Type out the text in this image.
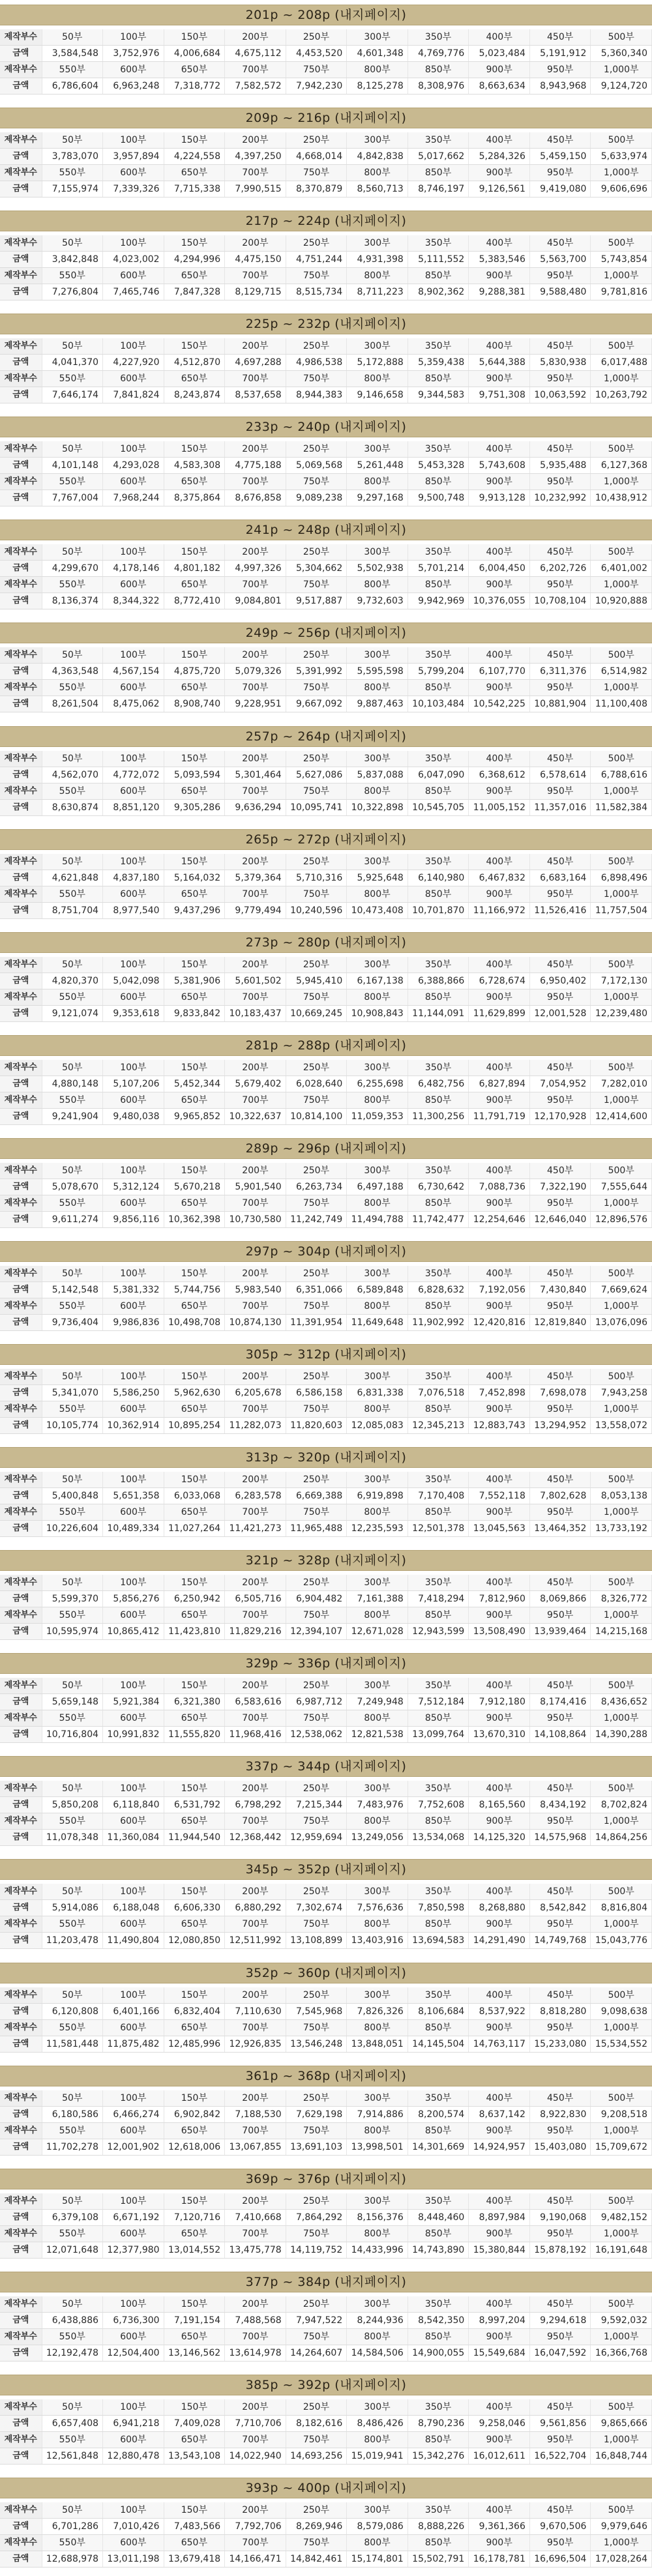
201p ~ 208p (내지페이지)
제작부수	50부	100부	150부	200부	250부	300부	350부	400부	450부	500부
금액	3,584,548	3,752,976	4,006,684	4,675,112	4,453,520	4,601,348	4,769,776	5,023,484	5,191,912	5,360,340
제작부수	550부	600부	650부	700부	750부	800부	850부	900부	950부	1,000부
금액	6,786,604	6,963,248	7,318,772	7,582,572	7,942,230	8,125,278	8,308,976	8,663,634	8,943,968	9,124,720
209p ~ 216p (내지페이지)
제작부수	50부	100부	150부	200부	250부	300부	350부	400부	450부	500부
금액	3,783,070	3,957,894	4,224,558	4,397,250	4,668,014	4,842,838	5,017,662	5,284,326	5,459,150	5,633,974
제작부수	550부	600부	650부	700부	750부	800부	850부	900부	950부	1,000부
금액	7,155,974	7,339,326	7,715,338	7,990,515	8,370,879	8,560,713	8,746,197	9,126,561	9,419,080	9,606,696
217p ~ 224p (내지페이지)
제작부수	50부	100부	150부	200부	250부	300부	350부	400부	450부	500부
금액	3,842,848	4,023,002	4,294,996	4,475,150	4,751,244	4,931,398	5,111,552	5,383,546	5,563,700	5,743,854
제작부수	550부	600부	650부	700부	750부	800부	850부	900부	950부	1,000부
금액	7,276,804	7,465,746	7,847,328	8,129,715	8,515,734	8,711,223	8,902,362	9,288,381	9,588,480	9,781,816
225p ~ 232p (내지페이지)
제작부수	50부	100부	150부	200부	250부	300부	350부	400부	450부	500부
금액	4,041,370	4,227,920	4,512,870	4,697,288	4,986,538	5,172,888	5,359,438	5,644,388	5,830,938	6,017,488
제작부수	550부	600부	650부	700부	750부	800부	850부	900부	950부	1,000부
금액	7,646,174	7,841,824	8,243,874	8,537,658	8,944,383	9,146,658	9,344,583	9,751,308	10,063,592	10,263,792
233p ~ 240p (내지페이지)
제작부수	50부	100부	150부	200부	250부	300부	350부	400부	450부	500부
금액	4,101,148	4,293,028	4,583,308	4,775,188	5,069,568	5,261,448	5,453,328	5,743,608	5,935,488	6,127,368
제작부수	550부	600부	650부	700부	750부	800부	850부	900부	950부	1,000부
금액	7,767,004	7,968,244	8,375,864	8,676,858	9,089,238	9,297,168	9,500,748	9,913,128	10,232,992	10,438,912
241p ~ 248p (내지페이지)
제작부수	50부	100부	150부	200부	250부	300부	350부	400부	450부	500부
금액	4,299,670	4,178,146	4,801,182	4,997,326	5,304,662	5,502,938	5,701,214	6,004,450	6,202,726	6,401,002
제작부수	550부	600부	650부	700부	750부	800부	850부	900부	950부	1,000부
금액	8,136,374	8,344,322	8,772,410	9,084,801	9,517,887	9,732,603	9,942,969	10,376,055	10,708,104	10,920,888
249p ~ 256p (내지페이지)
제작부수	50부	100부	150부	200부	250부	300부	350부	400부	450부	500부
금액	4,363,548	4,567,154	4,875,720	5,079,326	5,391,992	5,595,598	5,799,204	6,107,770	6,311,376	6,514,982
제작부수	550부	600부	650부	700부	750부	800부	850부	900부	950부	1,000부
금액	8,261,504	8,475,062	8,908,740	9,228,951	9,667,092	9,887,463	10,103,484	10,542,225	10,881,904	11,100,408
257p ~ 264p (내지페이지)
제작부수	50부	100부	150부	200부	250부	300부	350부	400부	450부	500부
금액	4,562,070	4,772,072	5,093,594	5,301,464	5,627,086	5,837,088	6,047,090	6,368,612	6,578,614	6,788,616
제작부수	550부	600부	650부	700부	750부	800부	850부	900부	950부	1,000부
금액	8,630,874	8,851,120	9,305,286	9,636,294	10,095,741	10,322,898	10,545,705	11,005,152	11,357,016	11,582,384
265p ~ 272p (내지페이지)
제작부수	50부	100부	150부	200부	250부	300부	350부	400부	450부	500부
금액	4,621,848	4,837,180	5,164,032	5,379,364	5,710,316	5,925,648	6,140,980	6,467,832	6,683,164	6,898,496
제작부수	550부	600부	650부	700부	750부	800부	850부	900부	950부	1,000부
금액	8,751,704	8,977,540	9,437,296	9,779,494	10,240,596	10,473,408	10,701,870	11,166,972	11,526,416	11,757,504
273p ~ 280p (내지페이지)
제작부수	50부	100부	150부	200부	250부	300부	350부	400부	450부	500부
금액	4,820,370	5,042,098	5,381,906	5,601,502	5,945,410	6,167,138	6,388,866	6,728,674	6,950,402	7,172,130
제작부수	550부	600부	650부	700부	750부	800부	850부	900부	950부	1,000부
금액	9,121,074	9,353,618	9,833,842	10,183,437	10,669,245	10,908,843	11,144,091	11,629,899	12,001,528	12,239,480
281p ~ 288p (내지페이지)
제작부수	50부	100부	150부	200부	250부	300부	350부	400부	450부	500부
금액	4,880,148	5,107,206	5,452,344	5,679,402	6,028,640	6,255,698	6,482,756	6,827,894	7,054,952	7,282,010
제작부수	550부	600부	650부	700부	750부	800부	850부	900부	950부	1,000부
금액	9,241,904	9,480,038	9,965,852	10,322,637	10,814,100	11,059,353	11,300,256	11,791,719	12,170,928	12,414,600
289p ~ 296p (내지페이지)
제작부수	50부	100부	150부	200부	250부	300부	350부	400부	450부	500부
금액	5,078,670	5,312,124	5,670,218	5,901,540	6,263,734	6,497,188	6,730,642	7,088,736	7,322,190	7,555,644
제작부수	550부	600부	650부	700부	750부	800부	850부	900부	950부	1,000부
금액	9,611,274	9,856,116	10,362,398	10,730,580	11,242,749	11,494,788	11,742,477	12,254,646	12,646,040	12,896,576
297p ~ 304p (내지페이지)
제작부수	50부	100부	150부	200부	250부	300부	350부	400부	450부	500부
금액	5,142,548	5,381,332	5,744,756	5,983,540	6,351,066	6,589,848	6,828,632	7,192,056	7,430,840	7,669,624
제작부수	550부	600부	650부	700부	750부	800부	850부	900부	950부	1,000부
금액	9,736,404	9,986,836	10,498,708	10,874,130	11,391,954	11,649,648	11,902,992	12,420,816	12,819,840	13,076,096
305p ~ 312p (내지페이지)
제작부수	50부	100부	150부	200부	250부	300부	350부	400부	450부	500부
금액	5,341,070	5,586,250	5,962,630	6,205,678	6,586,158	6,831,338	7,076,518	7,452,898	7,698,078	7,943,258
제작부수	550부	600부	650부	700부	750부	800부	850부	900부	950부	1,000부
금액	10,105,774	10,362,914	10,895,254	11,282,073	11,820,603	12,085,083	12,345,213	12,883,743	13,294,952	13,558,072
313p ~ 320p (내지페이지)
제작부수	50부	100부	150부	200부	250부	300부	350부	400부	450부	500부
금액	5,400,848	5,651,358	6,033,068	6,283,578	6,669,388	6,919,898	7,170,408	7,552,118	7,802,628	8,053,138
제작부수	550부	600부	650부	700부	750부	800부	850부	900부	950부	1,000부
금액	10,226,604	10,489,334	11,027,264	11,421,273	11,965,488	12,235,593	12,501,378	13,045,563	13,464,352	13,733,192
321p ~ 328p (내지페이지)
제작부수	50부	100부	150부	200부	250부	300부	350부	400부	450부	500부
금액	5,599,370	5,856,276	6,250,942	6,505,716	6,904,482	7,161,388	7,418,294	7,812,960	8,069,866	8,326,772
제작부수	550부	600부	650부	700부	750부	800부	850부	900부	950부	1,000부
금액	10,595,974	10,865,412	11,423,810	11,829,216	12,394,107	12,671,028	12,943,599	13,508,490	13,939,464	14,215,168
329p ~ 336p (내지페이지)
제작부수	50부	100부	150부	200부	250부	300부	350부	400부	450부	500부
금액	5,659,148	5,921,384	6,321,380	6,583,616	6,987,712	7,249,948	7,512,184	7,912,180	8,174,416	8,436,652
제작부수	550부	600부	650부	700부	750부	800부	850부	900부	950부	1,000부
금액	10,716,804	10,991,832	11,555,820	11,968,416	12,538,062	12,821,538	13,099,764	13,670,310	14,108,864	14,390,288
337p ~ 344p (내지페이지)
제작부수	50부	100부	150부	200부	250부	300부	350부	400부	450부	500부
금액	5,850,208	6,118,840	6,531,792	6,798,292	7,215,344	7,483,976	7,752,608	8,165,560	8,434,192	8,702,824
제작부수	550부	600부	650부	700부	750부	800부	850부	900부	950부	1,000부
금액	11,078,348	11,360,084	11,944,540	12,368,442	12,959,694	13,249,056	13,534,068	14,125,320	14,575,968	14,864,256
345p ~ 352p (내지페이지)
제작부수	50부	100부	150부	200부	250부	300부	350부	400부	450부	500부
금액	5,914,086	6,188,048	6,606,330	6,880,292	7,302,674	7,576,636	7,850,598	8,268,880	8,542,842	8,816,804
제작부수	550부	600부	650부	700부	750부	800부	850부	900부	950부	1,000부
금액	11,203,478	11,490,804	12,080,850	12,511,992	13,108,899	13,403,916	13,694,583	14,291,490	14,749,768	15,043,776
352p ~ 360p (내지페이지)
제작부수	50부	100부	150부	200부	250부	300부	350부	400부	450부	500부
금액	6,120,808	6,401,166	6,832,404	7,110,630	7,545,968	7,826,326	8,106,684	8,537,922	8,818,280	9,098,638
제작부수	550부	600부	650부	700부	750부	800부	850부	900부	950부	1,000부
금액	11,581,448	11,875,482	12,485,996	12,926,835	13,546,248	13,848,051	14,145,504	14,763,117	15,233,080	15,534,552
361p ~ 368p (내지페이지)
제작부수	50부	100부	150부	200부	250부	300부	350부	400부	450부	500부
금액	6,180,586	6,466,274	6,902,842	7,188,530	7,629,198	7,914,886	8,200,574	8,637,142	8,922,830	9,208,518
제작부수	550부	600부	650부	700부	750부	800부	850부	900부	950부	1,000부
금액	11,702,278	12,001,902	12,618,006	13,067,855	13,691,103	13,998,501	14,301,669	14,924,957	15,403,080	15,709,672
369p ~ 376p (내지페이지)
제작부수	50부	100부	150부	200부	250부	300부	350부	400부	450부	500부
금액	6,379,108	6,671,192	7,120,716	7,410,668	7,864,292	8,156,376	8,448,460	8,897,984	9,190,068	9,482,152
제작부수	550부	600부	650부	700부	750부	800부	850부	900부	950부	1,000부
금액	12,071,648	12,377,980	13,014,552	13,475,778	14,119,752	14,433,996	14,743,890	15,380,844	15,878,192	16,191,648
377p ~ 384p (내지페이지)
제작부수	50부	100부	150부	200부	250부	300부	350부	400부	450부	500부
금액	6,438,886	6,736,300	7,191,154	7,488,568	7,947,522	8,244,936	8,542,350	8,997,204	9,294,618	9,592,032
제작부수	550부	600부	650부	700부	750부	800부	850부	900부	950부	1,000부
금액	12,192,478	12,504,400	13,146,562	13,614,978	14,264,607	14,584,506	14,900,055	15,549,684	16,047,592	16,366,768
385p ~ 392p (내지페이지)
제작부수	50부	100부	150부	200부	250부	300부	350부	400부	450부	500부
금액	6,657,408	6,941,218	7,409,028	7,710,706	8,182,616	8,486,426	8,790,236	9,258,046	9,561,856	9,865,666
제작부수	550부	600부	650부	700부	750부	800부	850부	900부	950부	1,000부
금액	12,561,848	12,880,478	13,543,108	14,022,940	14,693,256	15,019,941	15,342,276	16,012,611	16,522,704	16,848,744
393p ~ 400p (내지페이지)
제작부수	50부	100부	150부	200부	250부	300부	350부	400부	450부	500부
금액	6,701,286	7,010,426	7,483,566	7,792,706	8,269,946	8,579,086	8,888,226	9,361,366	9,670,506	9,979,646
제작부수	550부	600부	650부	700부	750부	800부	850부	900부	950부	1,000부
금액	12,688,978	13,011,198	13,679,418	14,166,471	14,842,461	15,174,801	15,502,791	16,178,781	16,696,504	17,028,264
